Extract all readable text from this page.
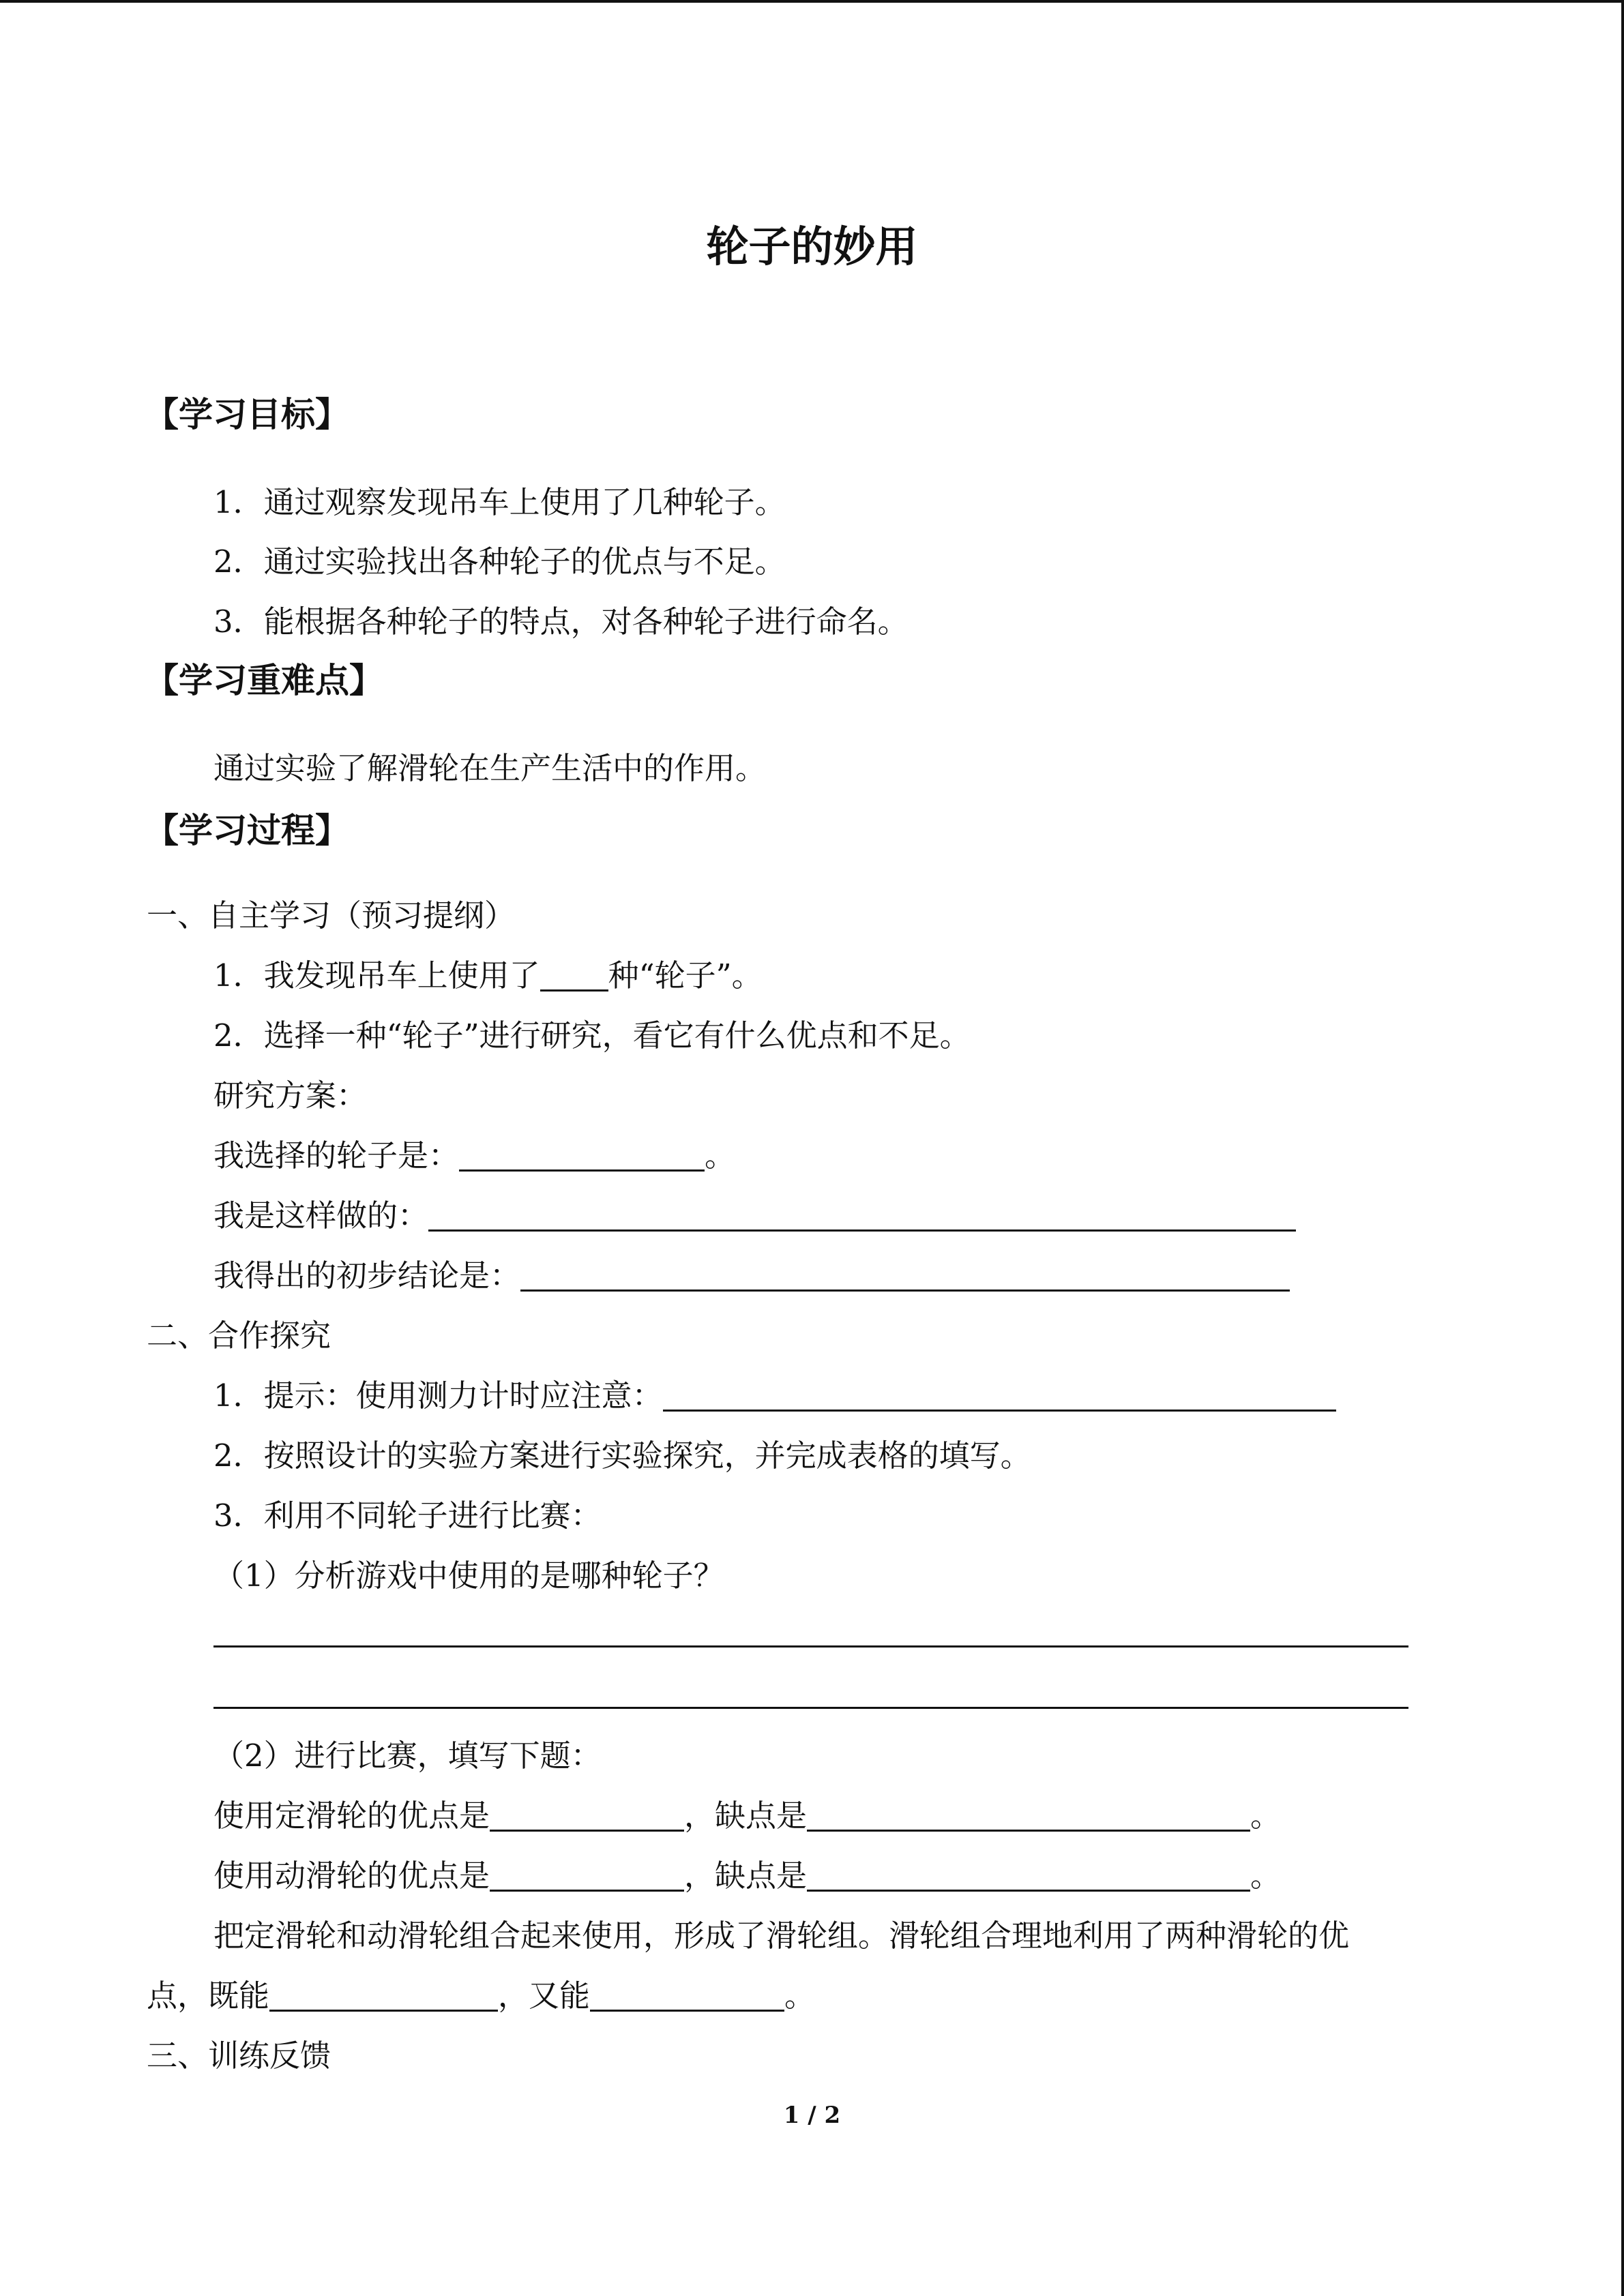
轮子的妙用
【学习目标】
1．通过观察发现吊车上使用了几种轮子。
2．通过实验找出各种轮子的优点与不足。
3．能根据各种轮子的特点，对各种轮子进行命名。
【学习重难点】
通过实验了解滑轮在生产生活中的作用。
【学习过程】
一、自主学习（预习提纲）
1．我发现吊车上使用了 种“轮子”。
2．选择一种“轮子”进行研究，看它有什么优点和不足。
研究方案：
我选择的轮子是：	。
我是这样做的：
我得出的初步结论是：
二、合作探究
1．提示：使用测力计时应注意：
2．按照设计的实验方案进行实验探究，并完成表格的填写。
3．利用不同轮子进行比赛：
（1）分析游戏中使用的是哪种轮子？
（2）进行比赛，填写下题：
使用定滑轮的优点是	，缺点是	。
使用动滑轮的优点是	，缺点是	。
把定滑轮和动滑轮组合起来使用，形成了滑轮组。滑轮组合理地利用了两种滑轮的优
点，既能	，又能	。
三、训练反馈
1 / 2
